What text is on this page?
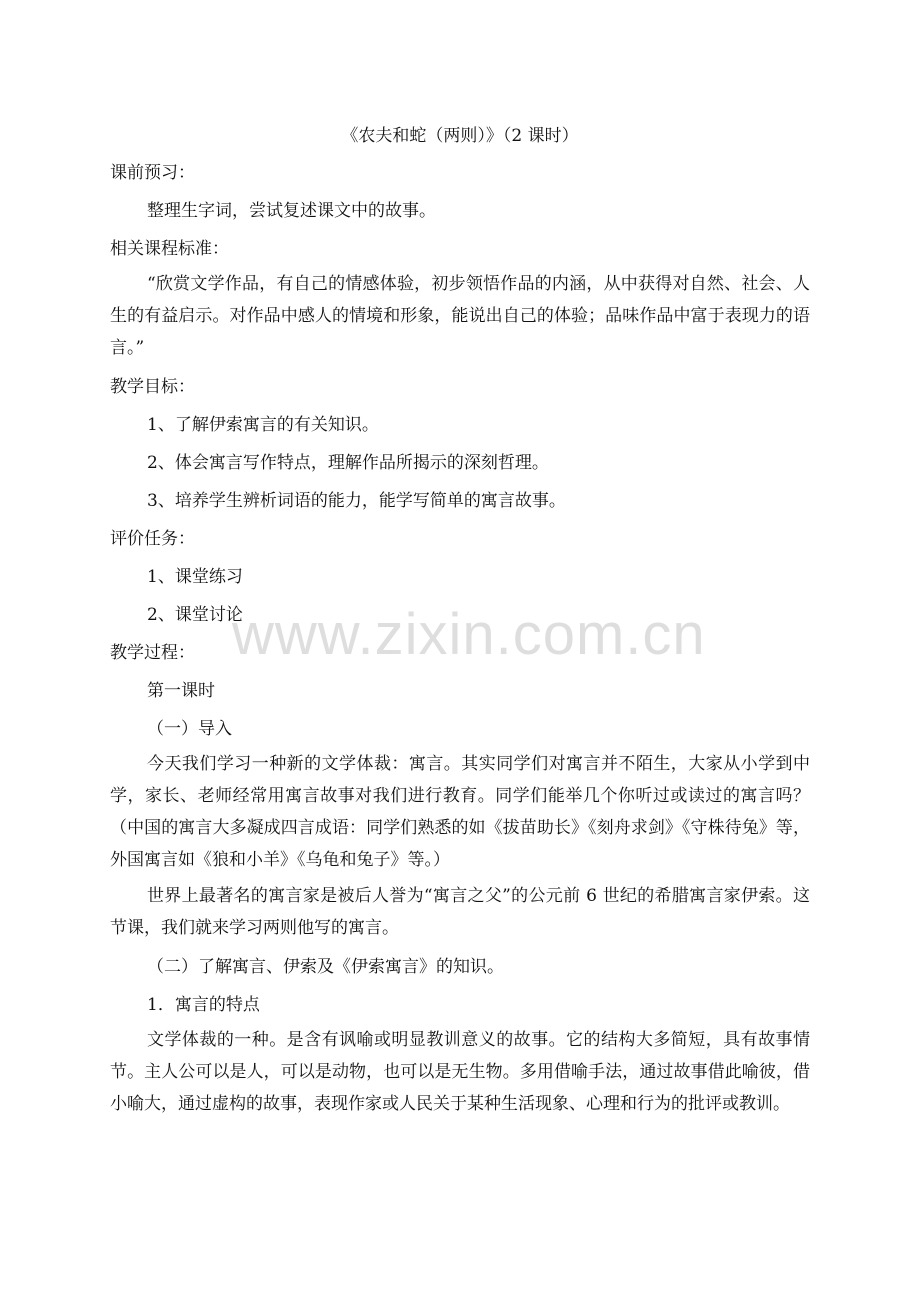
《农夫和蛇（两则）》（2 课时）

课前预习：

整理生字词，尝试复述课文中的故事。

相关课程标准：

“欣赏文学作品，有自己的情感体验，初步领悟作品的内涵，从中获得对自然、社会、人生的有益启示。对作品中感人的情境和形象，能说出自己的体验；品味作品中富于表现力的语言。”

教学目标：

1、了解伊索寓言的有关知识。

2、体会寓言写作特点，理解作品所揭示的深刻哲理。

3、培养学生辨析词语的能力，能学写简单的寓言故事。

评价任务：

1、课堂练习

2、课堂讨论

教学过程：

第一课时

（一）导入

今天我们学习一种新的文学体裁：寓言。其实同学们对寓言并不陌生，大家从小学到中学，家长、老师经常用寓言故事对我们进行教育。同学们能举几个你听过或读过的寓言吗？（中国的寓言大多凝成四言成语：同学们熟悉的如《拔苗助长》《刻舟求剑》《守株待兔》等，外国寓言如《狼和小羊》《乌龟和兔子》等。）

世界上最著名的寓言家是被后人誉为“寓言之父”的公元前 6 世纪的希腊寓言家伊索。这节课，我们就来学习两则他写的寓言。

（二）了解寓言、伊索及《伊索寓言》的知识。

1．寓言的特点

文学体裁的一种。是含有讽喻或明显教训意义的故事。它的结构大多简短，具有故事情节。主人公可以是人，可以是动物，也可以是无生物。多用借喻手法，通过故事借此喻彼，借小喻大，通过虚构的故事，表现作家或人民关于某种生活现象、心理和行为的批评或教训。

www.zixin.com.cn
